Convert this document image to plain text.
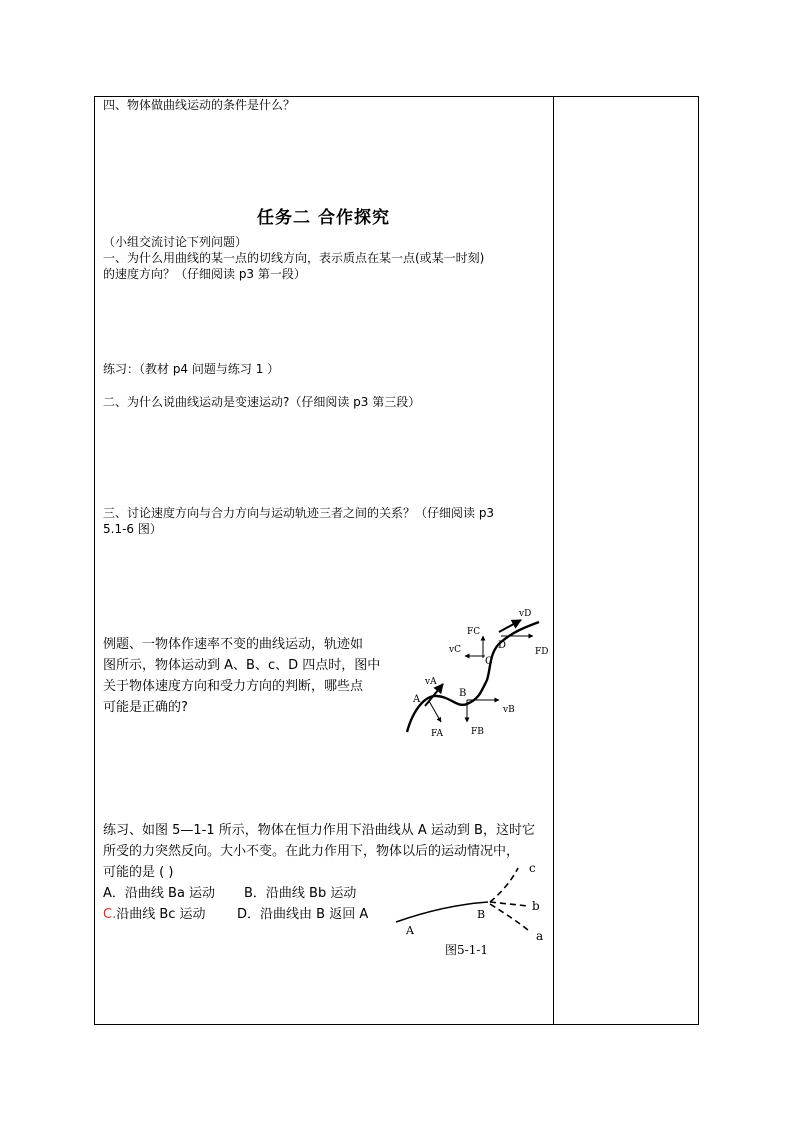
四、物体做曲线运动的条件是什么？
任务二 合作探究
（小组交流讨论下列问题）
一、为什么用曲线的某一点的切线方向，表示质点在某一点(或某一时刻)
的速度方向？（仔细阅读 p3 第一段）
练习：（教材 p4 问题与练习 1 ）
二、为什么说曲线运动是变速运动?（仔细阅读 p3 第三段）
三、讨论速度方向与合力方向与运动轨迹三者之间的关系？（仔细阅读 p3
5.1-6 图）
例题、一物体作速率不变的曲线运动，轨迹如
图所示，物体运动到 A、B、c、D 四点时，图中
关于物体速度方向和受力方向的判断，哪些点
可能是正确的?
A
B
C
D
vA
vB
vC
vD
FA	FB
FC
FD
练习、如图 5—1-1 所示，物体在恒力作用下沿曲线从 A 运动到 B，这时它
所受的力突然反向。大小不变。在此力作用下，物体以后的运动情况中，
可能的是 ( )
A．沿曲线 Ba 运动 B．沿曲线 Bb 运动
C.沿曲线 Bc 运动 D．沿曲线由 B 返回 A
A
B
a
b
c
图5-1-1
